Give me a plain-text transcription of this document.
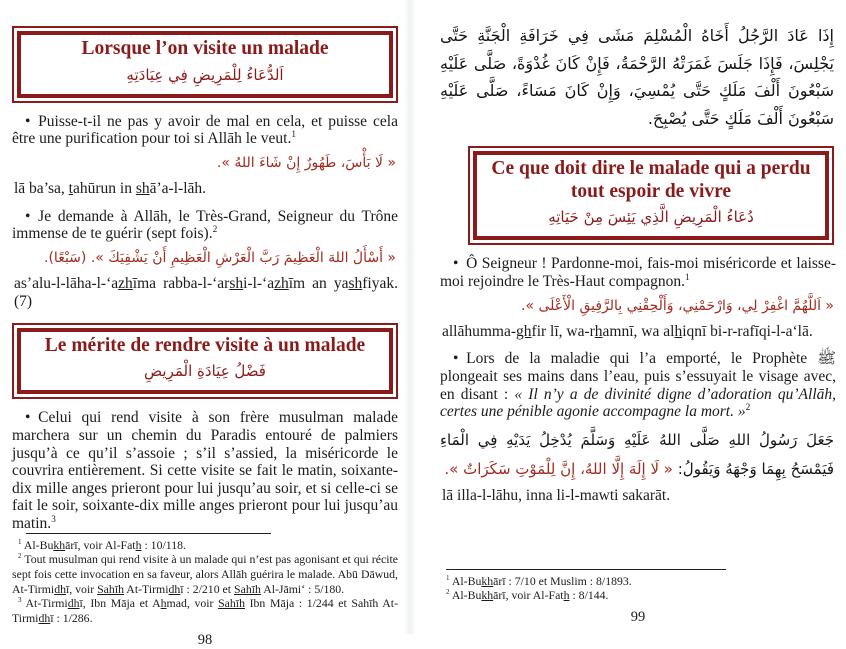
Lorsque l’on visite un malade
اَلدُّعَاءُ لِلْمَرِيضِ فِي عِيَادَتِهِ

• Puisse-t-il ne pas y avoir de mal en cela, et puisse cela être une purification pour toi si Allāh le veut.$^1$

« لَا بَأْسَ، طَهُورٌ إِنْ شَاءَ اللهُ ».

lā ba’sa, tahūrun in shā’a-l-lāh.

• Je demande à Allāh, le Très-Grand, Seigneur du Trône immense de te guérir (sept fois).$^2$

« أَسْأَلُ اللهَ الْعَظِيمَ رَبَّ الْعَرْشِ الْعَظِيمِ أَنْ يَشْفِيَكَ ». (سَبْعًا).

as’alu-l-lāha-l-‘azhīma rabba-l-‘arshi-l-‘azhīm an yashfiyak. (7)

Le mérite de rendre visite à un malade
فَضْلُ عِيَادَةِ الْمَرِيضِ

• Celui qui rend visite à son frère musulman malade marchera sur un chemin du Paradis entouré de palmiers jusqu’à ce qu’il s’assoie ; s’il s’assied, la miséricorde le couvrira entièrement. Si cette visite se fait le matin, soixante-dix mille anges prieront pour lui jusqu’au soir, et si celle-ci se fait le soir, soixante-dix mille anges prieront pour lui jusqu’au matin.$^3$

$^1$ Al-Bukhārī, voir Al-Fath : 10/118.

$^2$ Tout musulman qui rend visite à un malade qui n’est pas agonisant et qui récite sept fois cette invocation en sa faveur, alors Allāh guérira le malade. Abū Dāwud, At-Tirmidhī, voir Sahīh At-Tirmidhī : 2/210 et Sahīh Al-Jāmi‘ : 5/180.

$^3$ At-Tirmidhī, Ibn Māja et Ahmad, voir Sahīh Ibn Māja : 1/244 et Sahīh At-Tirmidhī : 1/286.

98
إِذَا عَادَ الرَّجُلُ أَخَاهُ الْمُسْلِمَ مَشَى فِي خَرَافَةِ الْجَنَّةِ حَتَّى يَجْلِسَ، فَإِذَا جَلَسَ غَمَرَتْهُ الرَّحْمَةُ، فَإِنْ كَانَ غُدْوَةً، صَلَّى عَلَيْهِ سَبْعُونَ أَلْفَ مَلَكٍ حَتَّى يُمْسِيَ، وَإِنْ كَانَ مَسَاءً، صَلَّى عَلَيْهِ سَبْعُونَ أَلْفَ مَلَكٍ حَتَّى يُصْبِحَ.
Ce que doit dire le malade qui a perdu
tout espoir de vivre
دُعَاءُ الْمَرِيضِ الَّذِي يَئِسَ مِنْ حَيَاتِهِ

• Ô Seigneur ! Pardonne-moi, fais-moi miséricorde et laisse-moi rejoindre le Très-Haut compagnon.$^1$

« اَللَّهُمَّ اغْفِرْ لِي، وَارْحَمْنِي، وَأَلْحِقْنِي بِالرَّفِيقِ الْأَعْلَى ».

allāhumma-ghfir lī, wa-rhamnī, wa alhiqnī bi-r-rafīqi-l-a‘lā.

• Lors de la maladie qui l’a emporté, le Prophète ﷺ plongeait ses mains dans l’eau, puis s’essuyait le visage avec, en disant : « Il n’y a de divinité digne d’adoration qu’Allāh, certes une pénible agonie accompagne la mort. »$^2$

جَعَلَ رَسُولُ اللهِ صَلَّى اللهُ عَلَيْهِ وَسَلَّمَ يُدْخِلُ يَدَيْهِ فِي الْمَاءِ فَيَمْسَحُ بِهِمَا وَجْهَهُ وَيَقُولُ: « لَا إِلَهَ إِلَّا اللهُ، إِنَّ لِلْمَوْتِ سَكَرَاتٌ ».

lā illa-l-lāhu, inna li-l-mawti sakarāt.

$^1$ Al-Bukhārī : 7/10 et Muslim : 8/1893.

$^2$ Al-Bukhārī, voir Al-Fath : 8/144.

99
